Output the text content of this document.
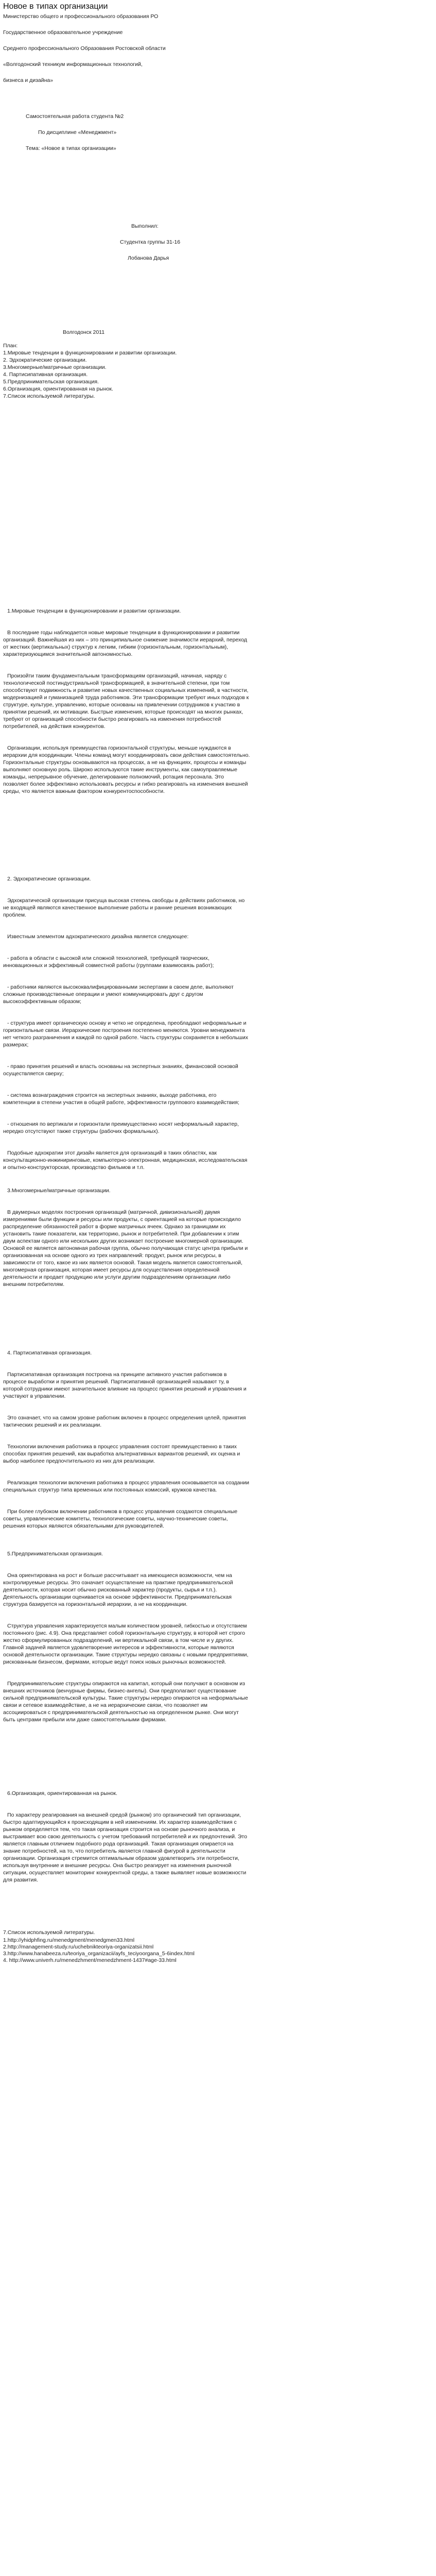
Новое в типах организации
Министерство общего и профессионального образования РО
Государственное образовательное учреждение
Среднего профессионального Образования Ростовской области
«Волгодонский техникум информационных технологий,
бизнеса и дизайна»
Самостоятельная работа студента №2
По дисциплине «Менеджмент»
Тема: «Новое в типах организации»
Выполнил:
Студентка группы 31-16
Лобанова Дарья
Волгодонск 2011
План:
1.Мировые тенденции в функционировании и развитии организации.
2. Эдхократические организации.
3.Многомерные/матричные организации.
4. Партисипативная организация.
5.Предпринимательская организация.
6.Организация, ориентированная на рынок.
7.Список используемой литературы.
1.Мировые тенденции в функционировании и развитии организации.

В последние годы наблюдается новые мировые тенденции в функционировании и развитии организаций. Важнейшая из них – это принципиальное снижение значимости иерархий, переход от жестких (вертикальных) структур к легким, гибким (горизонтальным, горизонтальным), характеризующимся значительной автономностью.

Произойти таким фундаментальным трансформациям организаций, начиная, наряду с технологической постиндустриальной трансформацией, в значительной степени, при том способствуют подвижность и развитие новых качественных социальных изменений, в частности, модернизацией и гуманизацией труда работников. Эти трансформации требуют иных подходов к структуре, культуре, управлению, которые основаны на привлечении сотрудников к участию в принятии решений, их мотивации. Быстрые изменения, которые происходят на многих рынках, требуют от организаций способности быстро реагировать на изменения потребностей потребителей, на действия конкурентов.

Организации, используя преимущества горизонтальной структуры, меньше нуждаются в иерархии для координации. Члены команд могут координировать свои действия самостоятельно. Горизонтальные структуры основываются на процессах, а не на функциях, процессы и команды выполняют основную роль. Широко используются такие инструменты, как самоуправляемые команды, непрерывное обучение, делегирование полномочий, ротация персонала. Это позволяет более эффективно использовать ресурсы и гибко реагировать на изменения внешней среды, что является важным фактором конкурентоспособности.

2. Эдхократические организации.

Эдхократической организации присуща высокая степень свободы в действиях работников, но не входящей являются качественное выполнение работы и ранние решения возникающих проблем.

Известным элементом адхократического дизайна является следующее:

- работа в области с высокой или сложной технологией, требующей творческих, инновационных и эффективный совместной работы (группами взаимосвязь работ);

- работники являются высококвалифицированными экспертами в своем деле, выполняют сложные производственные операции и умеют коммуницировать друг с другом высокоэффективным образом;

- структура имеет органическую основу и четко не определена, преобладают неформальные и горизонтальные связи. Иерархические построения постепенно меняются. Уровни менеджмента нет четкого разграничения и каждой по одной работе. Часть структуры сохраняется в небольших размерах;

- право принятия решений и власть основаны на экспертных знаниях, финансовой основой осуществляется сверху;

- система вознаграждения строится на экспертных знаниях, выходе работника, его компетенции в степени участия в общей работе, эффективности группового взаимодействия;

- отношения по вертикали и горизонтали преимущественно носят неформальный характер, нередко отсутствуют также структуры (рабочих формальных).

Подобные адхократии этот дизайн является для организаций в таких областях, как консультационно-инжиниринговые, компьютерно-электронная, медицинская, исследовательская и опытно-конструкторская, производство фильмов и т.п.

3.Многомерные/матричные организации.

В двумерных моделях построения организаций (матричной, дивизиональной) двумя измерениями были функции и ресурсы или продукты, с ориентацией на которые происходило распределение обязанностей работ в форме матричных ячеек. Однако за границами их установить такие показатели, как территорию, рынок и потребителей. При добавлении к этим двум аспектам одного или нескольких других возникает построение многомерной организации. Основой ее является автономная рабочая группа, обычно получающая статус центра прибыли и организованная на основе одного из трех направлений: продукт, рынок или ресурсы, в зависимости от того, какое из них является основой. Такая модель является самостоятельной, многомерная организация, которая имеет ресурсы для осуществления определенной деятельности и продает продукцию или услуги другим подразделениям организации либо внешним потребителям.

4. Партисипативная организация.

Партисипативная организация построена на принципе активного участия работников в процессе выработки и принятия решений. Партисипативной организацией называют ту, в которой сотрудники имеют значительное влияние на процесс принятия решений и управления и участвуют в управлении.

Это означает, что на самом уровне работник включен в процесс определения целей, принятия тактических решений и их реализации.

Технологии включения работника в процесс управления состоят преимущественно в таких способах принятия решений, как выработка альтернативных вариантов решений, их оценка и выбор наиболее предпочтительного из них для реализации.

Реализация технологии включения работника в процесс управления основывается на создании специальных структур типа временных или постоянных комиссий, кружков качества.

При более глубоком включении работников в процесс управления создаются специальные советы, управленческие комитеты, технологические советы, научно-технические советы, решения которых являются обязательными для руководителей.

5.Предпринимательская организация.

Она ориентирована на рост и больше рассчитывает на имеющиеся возможности, чем на контролируемые ресурсы. Это означает осуществление на практике предпринимательской деятельности, которая носит обычно рискованный характер (продукты, сырья и т.п.). Деятельность организации оценивается на основе эффективности. Предпринимательская структура базируется на горизонтальной иерархии, а не на координации.

Структура управления характеризуется малым количеством уровней, гибкостью и отсутствием постоянного (рис. 4.9). Она представляет собой горизонтальную структуру, в которой нет строго жестко сформулированных подразделений, ни вертикальной связи, в том числе и у других. Главной задачей является удовлетворение интересов и эффективности, которые являются основой деятельности организации. Такие структуры нередко связаны с новыми предприятиями, рискованным бизнесом, фирмами, которые ведут поиск новых рыночных возможностей.

Предпринимательские структуры опираются на капитал, который они получают в основном из внешних источников (венчурные фирмы, бизнес-ангелы). Они предполагают существование сильной предпринимательской культуры. Такие структуры нередко опираются на неформальные связи и сетевое взаимодействие, а не на иерархические связи, что позволяет им ассоциироваться с предпринимательской деятельностью на определенном рынке. Они могут быть центрами прибыли или даже самостоятельными фирмами.

6.Организация, ориентированная на рынок.

По характеру реагирования на внешней средой (рынком) это органический тип организации, быстро адаптирующийся к происходящим в ней изменениям. Их характер взаимодействия с рынком определяется тем, что такая организация строится на основе рыночного анализа, и выстраивает всю свою деятельность с учетом требований потребителей и их предпочтений. Это является главным отличием подобного рода организаций. Такая организация опирается на знание потребностей, на то, что потребитель является главной фигурой в деятельности организации. Организация стремится оптимальным образом удовлетворить эти потребности, используя внутренние и внешние ресурсы. Она быстро реагирует на изменения рыночной ситуации, осуществляет мониторинг конкурентной среды, а также выявляет новые возможности для развития.

7.Список используемой литературы.
1.http://yhidphfing.ru/menedgment/menedgmen33.html
2.http://management-study.ru/uchebnikteoriya-organizatsii.html
3.http://www.hanabeeza.ru/teoriya_organizacii/ayfs_teciyoorgana_5-6index.html
4. http://www.univerh.ru/menedzhment/menedzhment-1437#age-33.html
